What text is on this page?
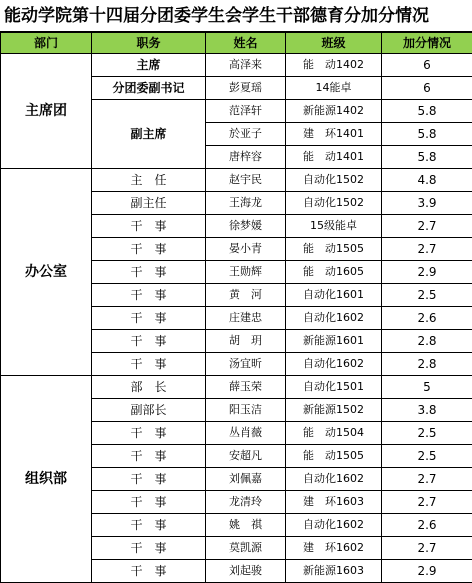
能动学院第十四届分团委学生会学生干部德育分加分情况
部门	职务	姓名	班级	加分情况
主席团	主席	高泽来	能　动1402	6
	分团委副书记	彭夏瑶	14能卓	6
	副主席	范泽轩	新能源1402	5.8
		於亚子	建　环1401	5.8
		唐梓容	能　动1401	5.8
办公室	主　任	赵宇民	自动化1502	4.8
	副主任	王海龙	自动化1502	3.9
	干　事	徐梦媛	15级能卓	2.7
	干　事	晏小青	能　动1505	2.7
	干　事	王勋辉	能　动1605	2.9
	干　事	黄　河	自动化1601	2.5
	干　事	庄建忠	自动化1602	2.6
	干　事	胡　玥	新能源1601	2.8
	干　事	汤宜昕	自动化1602	2.8
组织部	部　长	薛玉荣	自动化1501	5
	副部长	阳玉洁	新能源1502	3.8
	干　事	丛肖薇	能　动1504	2.5
	干　事	安超凡	能　动1505	2.5
	干　事	刘佩嘉	自动化1602	2.7
	干　事	龙清玲	建　环1603	2.7
	干　事	姚　祺	自动化1602	2.6
	干　事	莫凯源	建　环1602	2.7
	干　事	刘起骏	新能源1603	2.9
